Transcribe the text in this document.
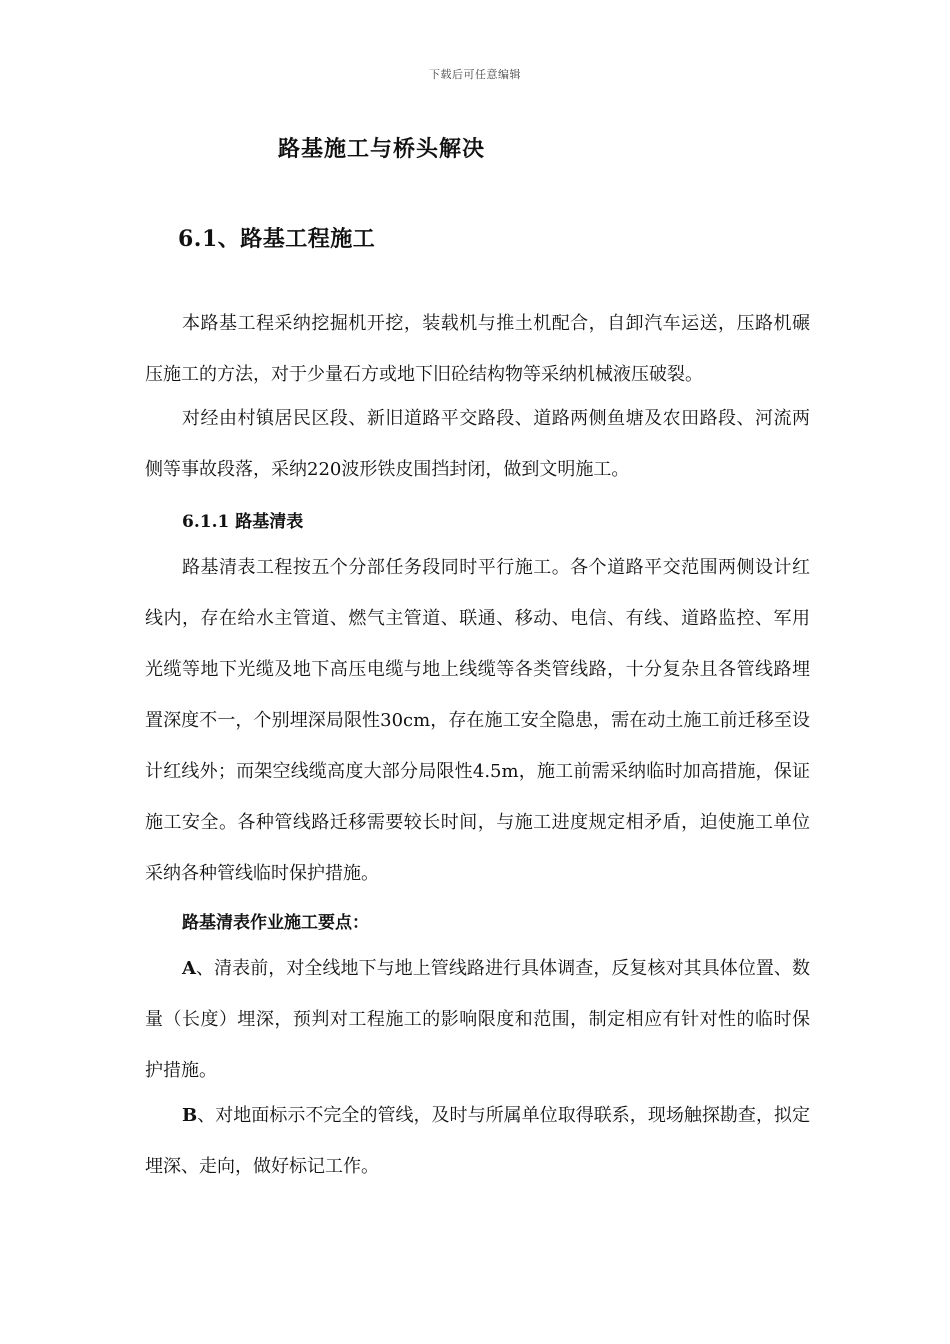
下载后可任意编辑
路基施工与桥头解决
6.1、路基工程施工

本路基工程采纳挖掘机开挖，装载机与推土机配合，自卸汽车运送，压路机碾压施工的方法，对于少量石方或地下旧砼结构物等采纳机械液压破裂。

对经由村镇居民区段、新旧道路平交路段、道路两侧鱼塘及农田路段、河流两侧等事故段落，采纳220波形铁皮围挡封闭，做到文明施工。

6.1.1 路基清表

路基清表工程按五个分部任务段同时平行施工。各个道路平交范围两侧设计红线内，存在给水主管道、燃气主管道、联通、移动、电信、有线、道路监控、军用光缆等地下光缆及地下高压电缆与地上线缆等各类管线路，十分复杂且各管线路埋置深度不一，个别埋深局限性30cm，存在施工安全隐患，需在动土施工前迁移至设计红线外；而架空线缆高度大部分局限性4.5m，施工前需采纳临时加高措施，保证施工安全。各种管线路迁移需要较长时间，与施工进度规定相矛盾，迫使施工单位采纳各种管线临时保护措施。

路基清表作业施工要点：

A、清表前，对全线地下与地上管线路进行具体调查，反复核对其具体位置、数量（长度）埋深，预判对工程施工的影响限度和范围，制定相应有针对性的临时保护措施。

B、对地面标示不完全的管线，及时与所属单位取得联系，现场触探勘查，拟定埋深、走向，做好标记工作。
